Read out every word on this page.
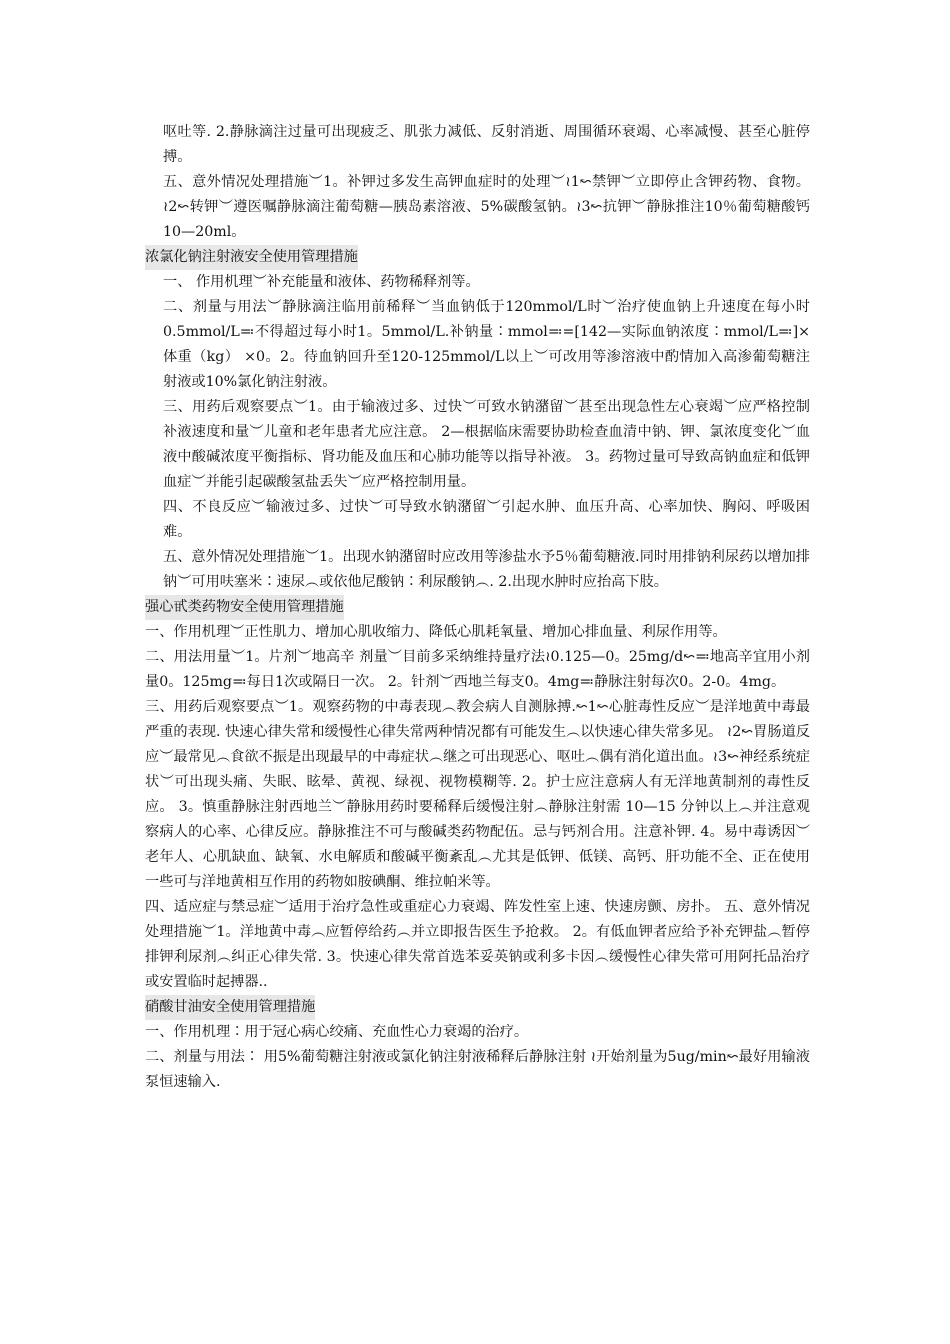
呕吐等. 2.静脉滴注过量可出现疲乏、肌张力减低、反射消逝、周围循环衰竭、心率减慢、甚至心脏停搏。

五、意外情况处理措施︶1。补钾过多发生高钾血症时的处理︶≀1↜禁钾︶立即停止含钾药物、食物。≀2↜转钾︶遵医嘱静脉滴注葡萄糖—胰岛素溶液、5%碳酸氢钠。≀3↜抗钾︶静脉推注10％葡萄糖酸钙10—20ml。

浓氯化钠注射液安全使用管理措施

一、 作用机理︶补充能量和液体、药物稀释剂等。

二、剂量与用法︶静脉滴注临用前稀释︶当血钠低于120mmol/L时︶治疗使血钠上升速度在每小时0.5mmol/L≕不得超过每小时1。5mmol/L.补钠量∶mmol≕=[142—实际血钠浓度∶mmol/L≕]×体重（kg） ×0。2。待血钠回升至120-125mmol/L以上︶可改用等渗溶液中酌情加入高渗葡萄糖注射液或10%氯化钠注射液。

三、用药后观察要点︶1。由于输液过多、过快︶可致水钠潴留︶甚至出现急性左心衰竭︶应严格控制补液速度和量︶儿童和老年患者尤应注意。 2—根据临床需要协助检查血清中钠、钾、氯浓度变化︶血液中酸碱浓度平衡指标、肾功能及血压和心肺功能等以指导补液。 3。药物过量可导致高钠血症和低钾血症︶并能引起碳酸氢盐丢失︶应严格控制用量。

四、不良反应︶输液过多、过快︶可导致水钠潴留︶引起水肿、血压升高、心率加快、胸闷、呼吸困难。

五、意外情况处理措施︶1。出现水钠潴留时应改用等渗盐水予5％葡萄糖液.同时用排钠利尿药以增加排钠︶可用呋塞米∶速尿︵或依他尼酸钠∶利尿酸钠︵. 2.出现水肿时应抬高下肢。

强心甙类药物安全使用管理措施

一、作用机理︶正性肌力、增加心肌收缩力、降低心肌耗氧量、增加心排血量、利尿作用等。

二、用法用量︶1。片剂︶地高辛 剂量︶目前多采纳维持量疗法≀0.125—0。25mg/d↜≕地高辛宜用小剂量0。125mg≕每日1次或隔日一次。 2。针剂︶西地兰每支0。4mg≕静脉注射每次0。2-0。4mg。

三、用药后观察要点︶1。观察药物的中毒表现︵教会病人自测脉搏.↜1↜心脏毒性反应︶是洋地黄中毒最严重的表现. 快速心律失常和缓慢性心律失常两种情况都有可能发生︵以快速心律失常多见。 ≀2↜胃肠道反应︶最常见︵食欲不振是出现最早的中毒症状︵继之可出现恶心、呕吐︵偶有消化道出血。≀3↜神经系统症状︶可出现头痛、失眠、眩晕、黄视、绿视、视物模糊等. 2。护士应注意病人有无洋地黄制剂的毒性反应。 3。慎重静脉注射西地兰︶静脉用药时要稀释后缓慢注射︵静脉注射需 10—15 分钟以上︵并注意观察病人的心率、心律反应。静脉推注不可与酸碱类药物配伍。忌与钙剂合用。注意补钾. 4。易中毒诱因︶老年人、心肌缺血、缺氧、水电解质和酸碱平衡紊乱︵尤其是低钾、低镁、高钙、肝功能不全、正在使用一些可与洋地黄相互作用的药物如胺碘酮、维拉帕米等。

四、适应症与禁忌症︶适用于治疗急性或重症心力衰竭、阵发性室上速、快速房颤、房扑。 五、意外情况处理措施︶1。洋地黄中毒︵应暂停给药︵并立即报告医生予抢救。 2。有低血钾者应给予补充钾盐︵暂停排钾利尿剂︵纠正心律失常. 3。快速心律失常首选苯妥英钠或利多卡因︵缓慢性心律失常可用阿托品治疗或安置临时起搏器..

硝酸甘油安全使用管理措施

一、作用机理∶用于冠心病心绞痛、充血性心力衰竭的治疗。

二、剂量与用法∶ 用5%葡萄糖注射液或氯化钠注射液稀释后静脉注射 ≀开始剂量为5ug/min↜最好用输液泵恒速输入.
